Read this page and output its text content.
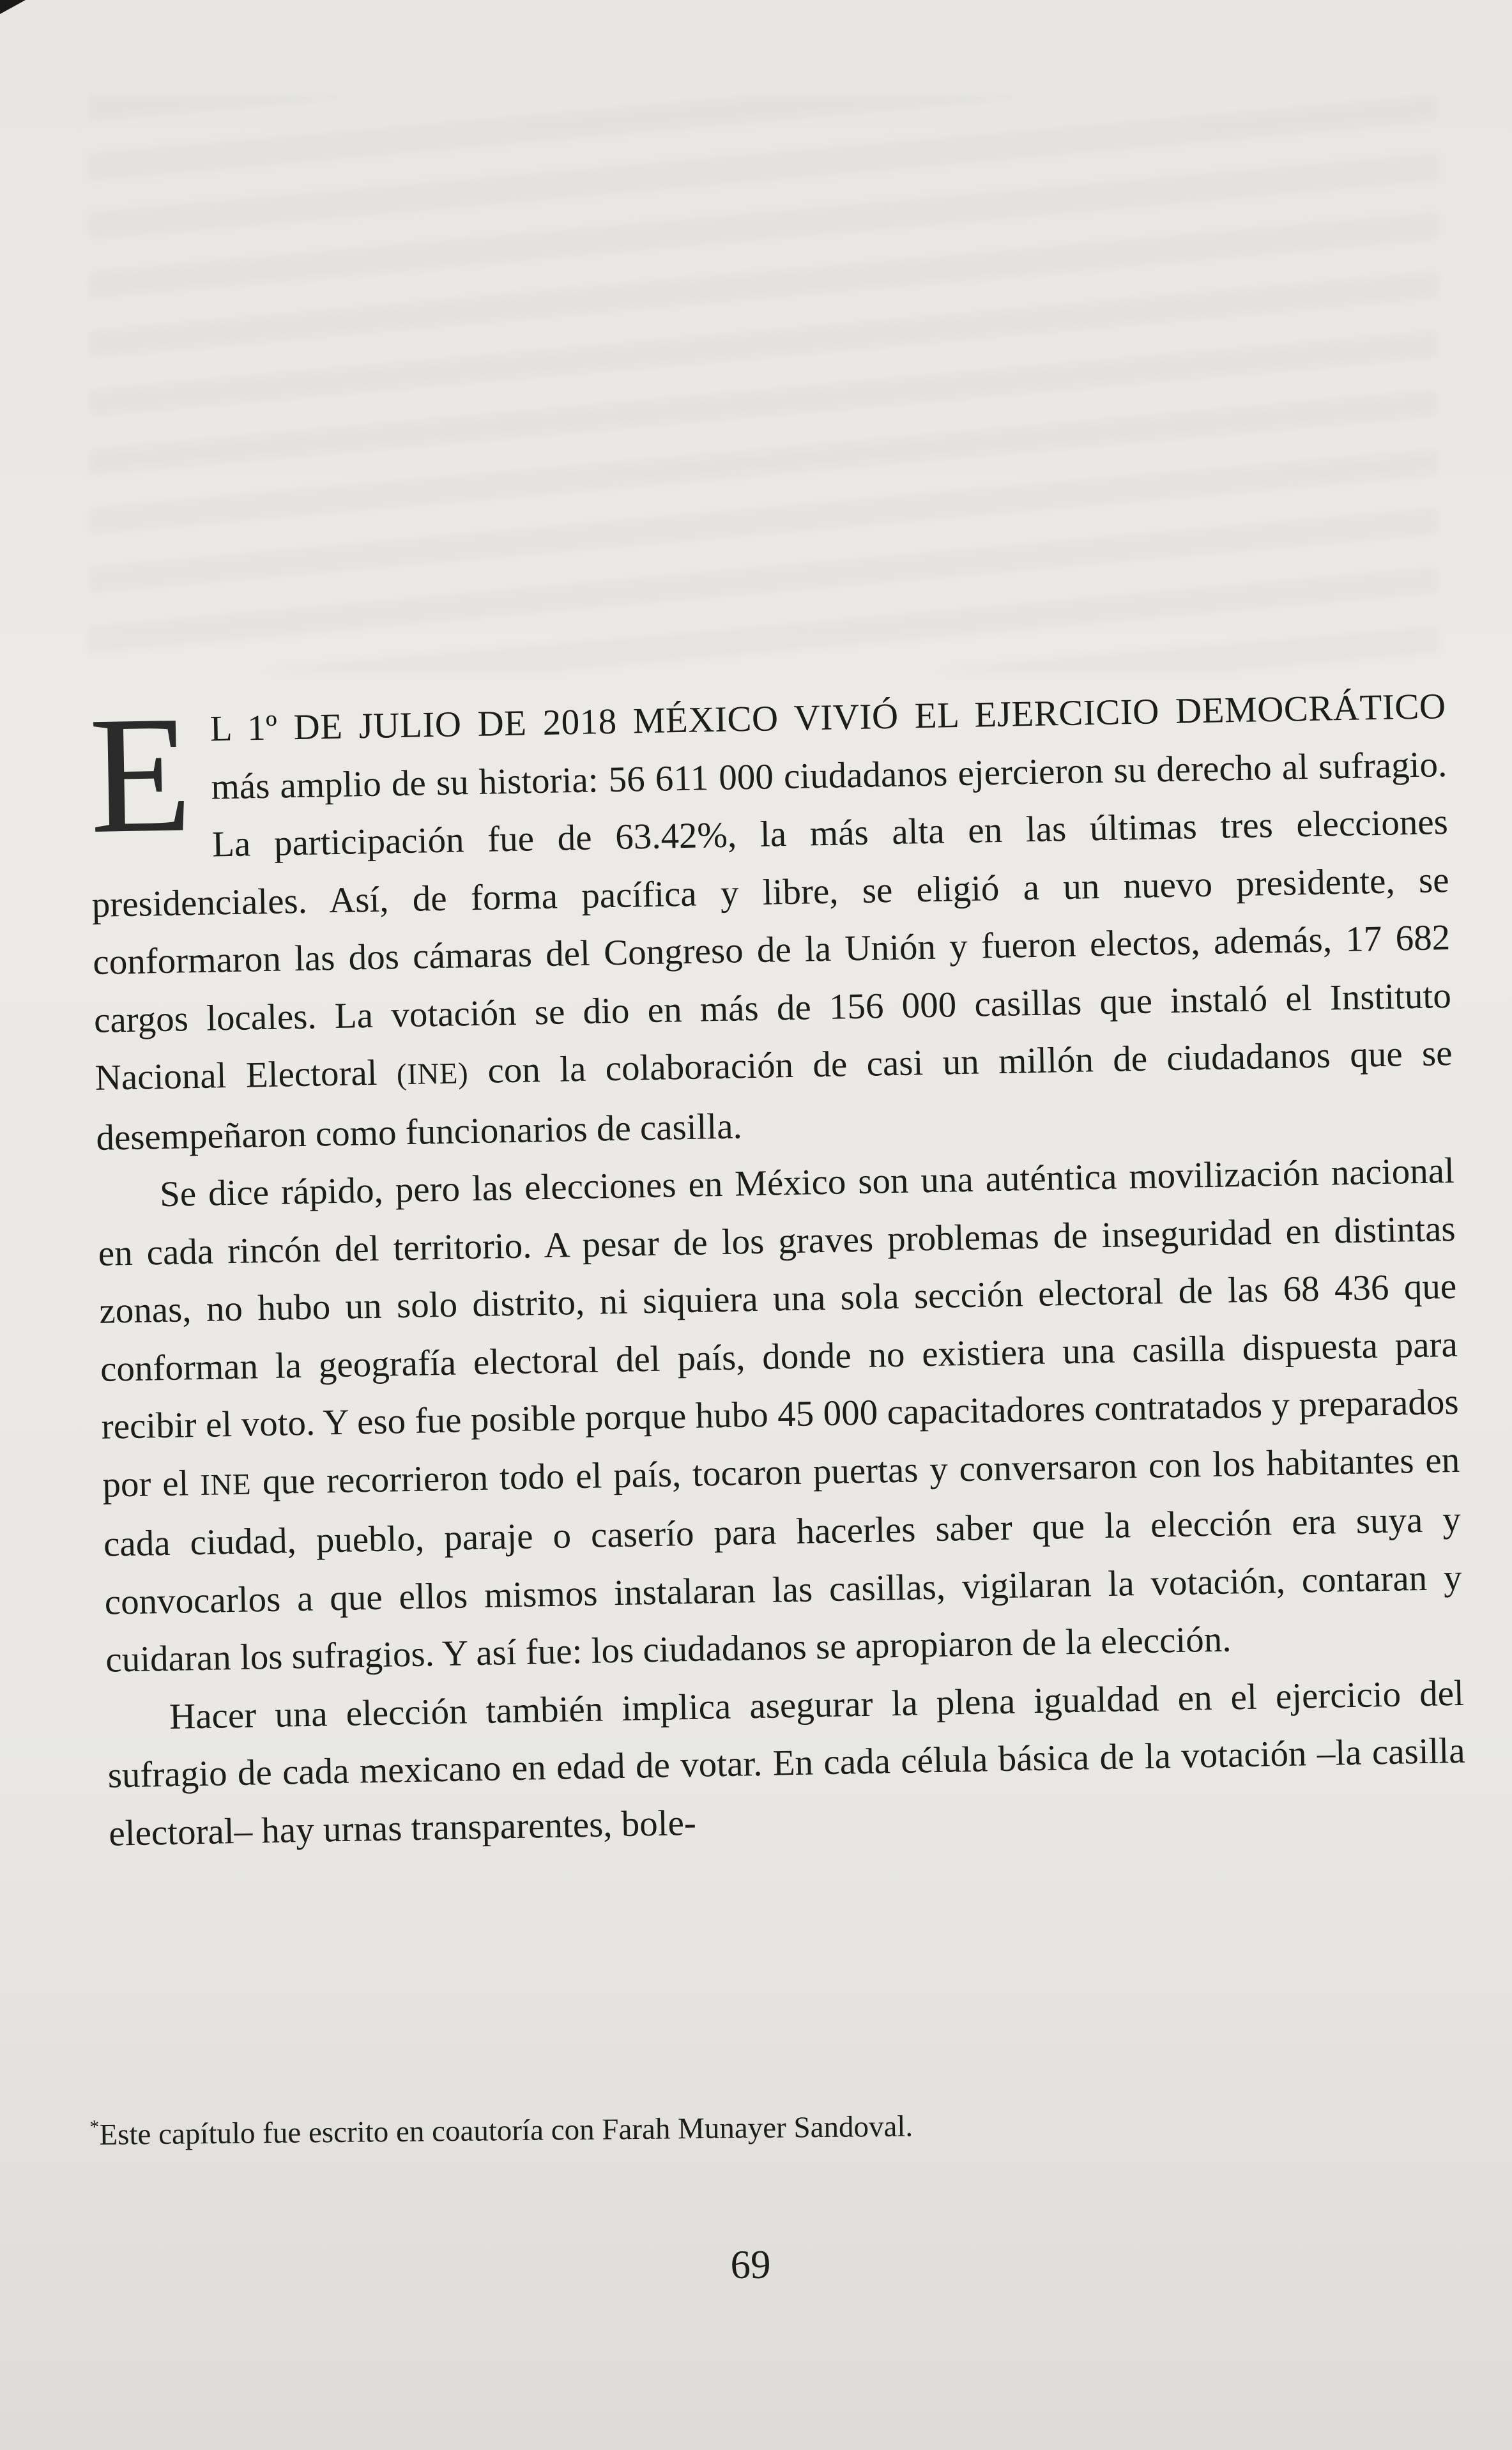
E L 1º DE JULIO DE 2018 MÉXICO VIVIÓ EL EJERCICIO DEMOCRÁTICO más amplio de su historia: 56 611 000 ciudadanos ejercieron su derecho al sufragio. La participación fue de 63.42%, la más alta en las últimas tres elecciones presidenciales. Así, de forma pacífica y libre, se eligió a un nuevo presidente, se conformaron las dos cámaras del Congreso de la Unión y fueron electos, además, 17 682 cargos locales. La votación se dio en más de 156 000 casillas que instaló el Instituto Nacional Electoral (INE) con la colaboración de casi un millón de ciudadanos que se desempeñaron como funcionarios de casilla.

Se dice rápido, pero las elecciones en México son una auténtica movilización nacional en cada rincón del territorio. A pesar de los graves problemas de inseguridad en distintas zonas, no hubo un solo distrito, ni siquiera una sola sección electoral de las 68 436 que conforman la geografía electoral del país, donde no existiera una casilla dispuesta para recibir el voto. Y eso fue posible porque hubo 45 000 capacitadores contratados y preparados por el INE que recorrieron todo el país, tocaron puertas y conversaron con los habitantes en cada ciudad, pueblo, paraje o caserío para hacerles saber que la elección era suya y convocarlos a que ellos mismos instalaran las casillas, vigilaran la votación, contaran y cuidaran los sufragios. Y así fue: los ciudadanos se apropiaron de la elección.

Hacer una elección también implica asegurar la plena igualdad en el ejercicio del sufragio de cada mexicano en edad de votar. En cada célula básica de la votación –la casilla electoral– hay urnas transparentes, bole-

*Este capítulo fue escrito en coautoría con Farah Munayer Sandoval.
69
